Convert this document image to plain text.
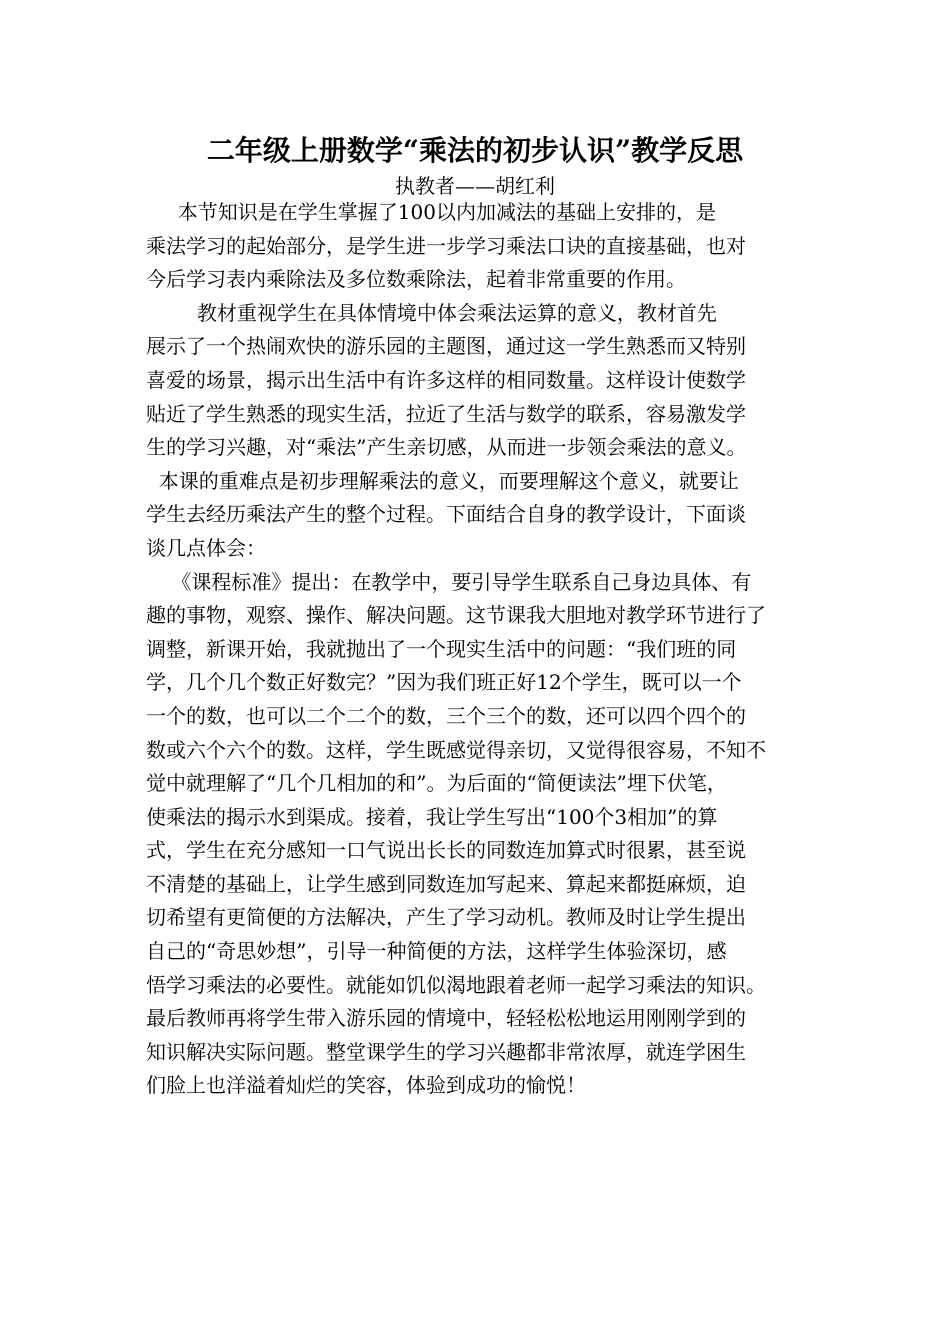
二年级上册数学“乘法的初步认识”教学反思
执教者——胡红利
本节知识是在学生掌握了100以内加减法的基础上安排的，是
乘法学习的起始部分，是学生进一步学习乘法口诀的直接基础，也对
今后学习表内乘除法及多位数乘除法，起着非常重要的作用。
教材重视学生在具体情境中体会乘法运算的意义，教材首先
展示了一个热闹欢快的游乐园的主题图，通过这一学生熟悉而又特别
喜爱的场景，揭示出生活中有许多这样的相同数量。这样设计使数学
贴近了学生熟悉的现实生活，拉近了生活与数学的联系，容易激发学
生的学习兴趣，对“乘法”产生亲切感，从而进一步领会乘法的意义。
本课的重难点是初步理解乘法的意义，而要理解这个意义，就要让
学生去经历乘法产生的整个过程。下面结合自身的教学设计，下面谈
谈几点体会：
《课程标准》提出：在教学中，要引导学生联系自己身边具体、有
趣的事物，观察、操作、解决问题。这节课我大胆地对教学环节进行了
调整，新课开始，我就抛出了一个现实生活中的问题：“我们班的同
学，几个几个数正好数完？”因为我们班正好12个学生，既可以一个
一个的数，也可以二个二个的数，三个三个的数，还可以四个四个的
数或六个六个的数。这样，学生既感觉得亲切，又觉得很容易，不知不
觉中就理解了“几个几相加的和”。为后面的“简便读法”埋下伏笔，
使乘法的揭示水到渠成。接着，我让学生写出“100个3相加”的算
式，学生在充分感知一口气说出长长的同数连加算式时很累，甚至说
不清楚的基础上，让学生感到同数连加写起来、算起来都挺麻烦，迫
切希望有更简便的方法解决，产生了学习动机。教师及时让学生提出
自己的“奇思妙想”，引导一种简便的方法，这样学生体验深切，感
悟学习乘法的必要性。就能如饥似渴地跟着老师一起学习乘法的知识。
最后教师再将学生带入游乐园的情境中，轻轻松松地运用刚刚学到的
知识解决实际问题。整堂课学生的学习兴趣都非常浓厚，就连学困生
们脸上也洋溢着灿烂的笑容，体验到成功的愉悦！
